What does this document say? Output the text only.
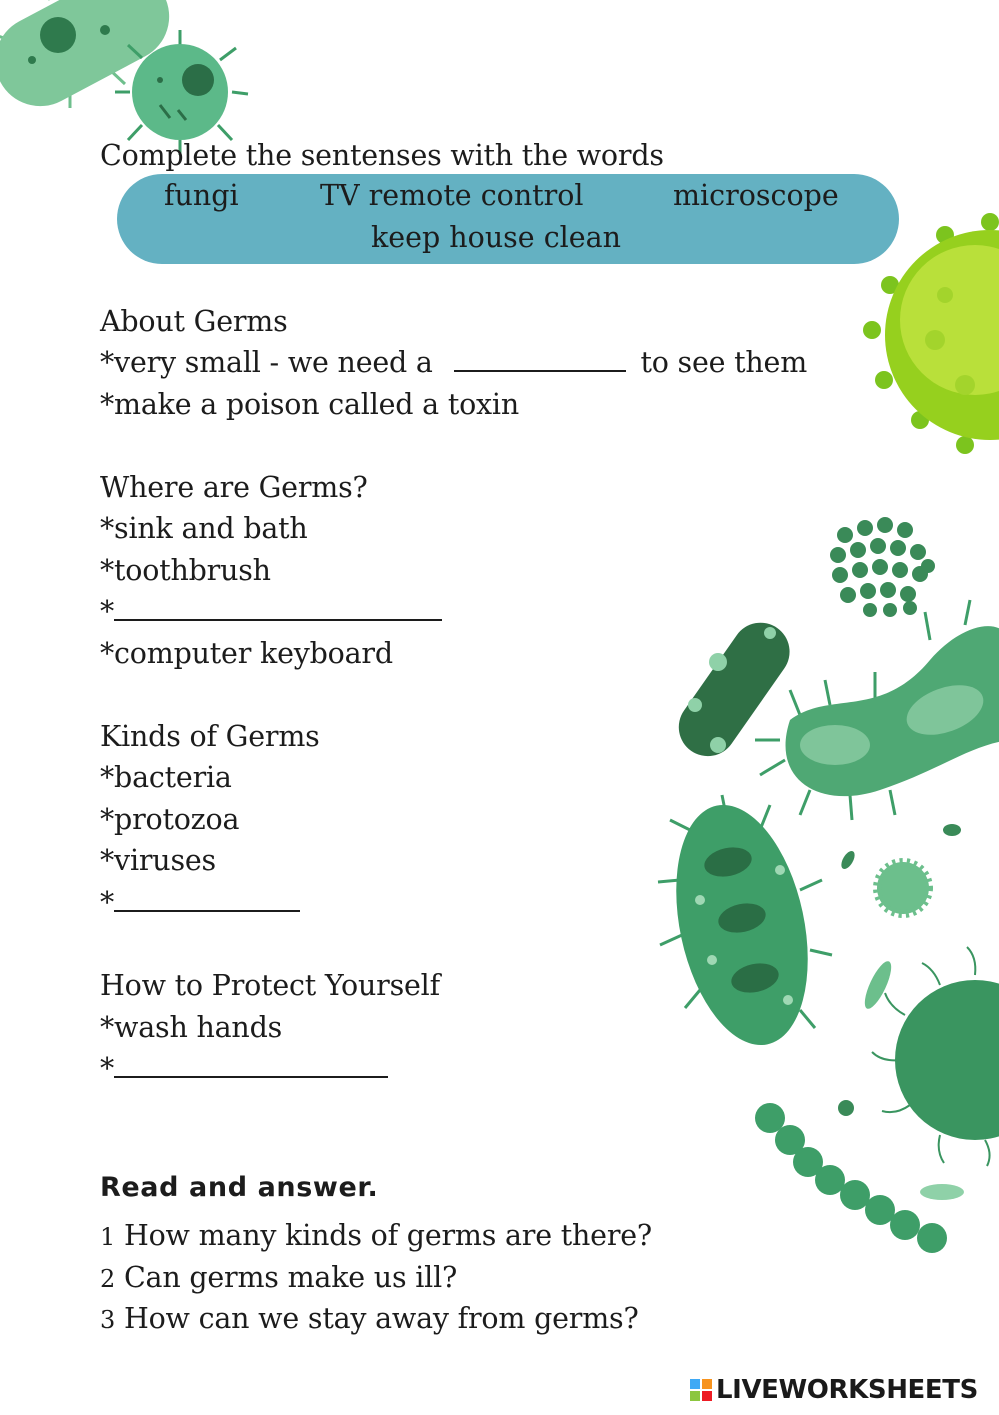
Complete the sentenses with the words
fungi	TV remote control	microscope
keep house clean
About Germs
*very small - we need a	to see them
*make a poison called a toxin
Where are Germs?
*sink and bath
*toothbrush
*
*computer keyboard
Kinds of Germs
*bacteria
*protozoa
*viruses
*
How to Protect Yourself
*wash hands
*
Read and answer.
1 How many kinds of germs are there?
2 Can germs make us ill?
3 How can we stay away from germs?
LIVEWORKSHEETS
